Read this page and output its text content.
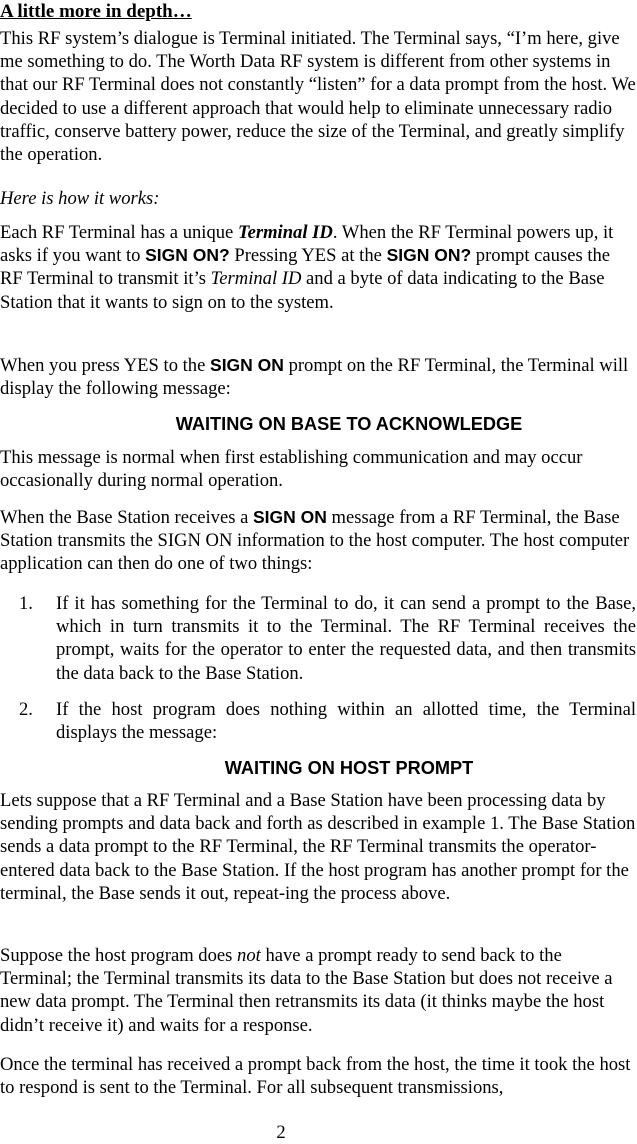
A little more in depth…

This RF system’s dialogue is Terminal initiated. The Terminal says, “I’m here, give me something to do. The Worth Data RF system is different from other systems in that our RF Terminal does not constantly “listen” for a data prompt from the host. We decided to use a different approach that would help to eliminate unnecessary radio traffic, conserve battery power, reduce the size of the Terminal, and greatly simplify the operation.

Here is how it works:

Each RF Terminal has a unique Terminal ID. When the RF Terminal powers up, it asks if you want to SIGN ON? Pressing YES at the SIGN ON? prompt causes the RF Terminal to transmit it’s Terminal ID and a byte of data indicating to the Base Station that it wants to sign on to the system.

When you press YES to the SIGN ON prompt on the RF Terminal, the Terminal will display the following message:

WAITING ON BASE TO ACKNOWLEDGE

This message is normal when first establishing communication and may occur occasionally during normal operation.

When the Base Station receives a SIGN ON message from a RF Terminal, the Base Station transmits the SIGN ON information to the host computer. The host computer application can then do one of two things:

1. If it has something for the Terminal to do, it can send a prompt to the Base, which in turn transmits it to the Terminal. The RF Terminal receives the prompt, waits for the operator to enter the requested data, and then transmits the data back to the Base Station.
2. If the host program does nothing within an allotted time, the Terminal displays the message:
WAITING ON HOST PROMPT

Lets suppose that a RF Terminal and a Base Station have been processing data by sending prompts and data back and forth as described in example 1. The Base Station sends a data prompt to the RF Terminal, the RF Terminal transmits the operator-entered data back to the Base Station. If the host program has another prompt for the terminal, the Base sends it out, repeat-ing the process above.

Suppose the host program does not have a prompt ready to send back to the Terminal; the Terminal transmits its data to the Base Station but does not receive a new data prompt. The Terminal then retransmits its data (it thinks maybe the host didn’t receive it) and waits for a response.

Once the terminal has received a prompt back from the host, the time it took the host to respond is sent to the Terminal. For all subsequent transmissions,

2
